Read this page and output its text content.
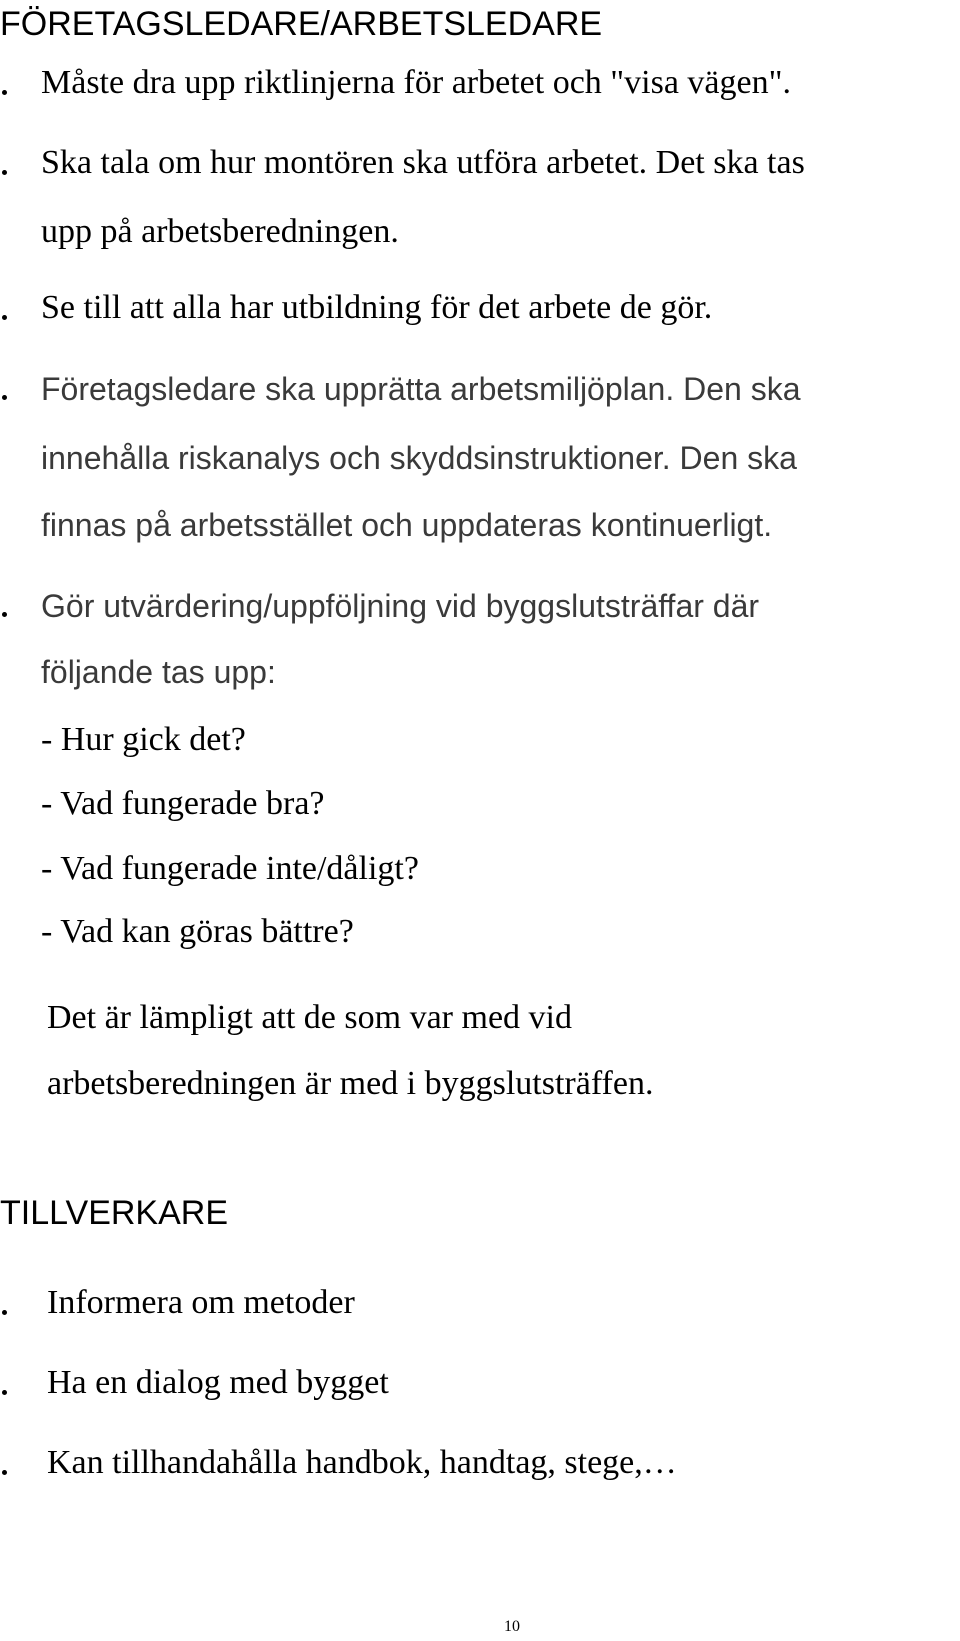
FÖRETAGSLEDARE/ARBETSLEDARE
Måste dra upp riktlinjerna för arbetet och "visa vägen".
Ska tala om hur montören ska utföra arbetet. Det ska tas
upp på arbetsberedningen.
Se till att alla har utbildning för det arbete de gör.
Företagsledare ska upprätta arbetsmiljöplan. Den ska
innehålla riskanalys och skyddsinstruktioner. Den ska
finnas på arbetsstället och uppdateras kontinuerligt.
Gör utvärdering/uppföljning vid byggslutsträffar där
följande tas upp:
- Hur gick det?
- Vad fungerade bra?
- Vad fungerade inte/dåligt?
- Vad kan göras bättre?
Det är lämpligt att de som var med vid
arbetsberedningen är med i byggslutsträffen.
TILLVERKARE
Informera om metoder
Ha en dialog med bygget
Kan tillhandahålla handbok, handtag, stege,…
10
